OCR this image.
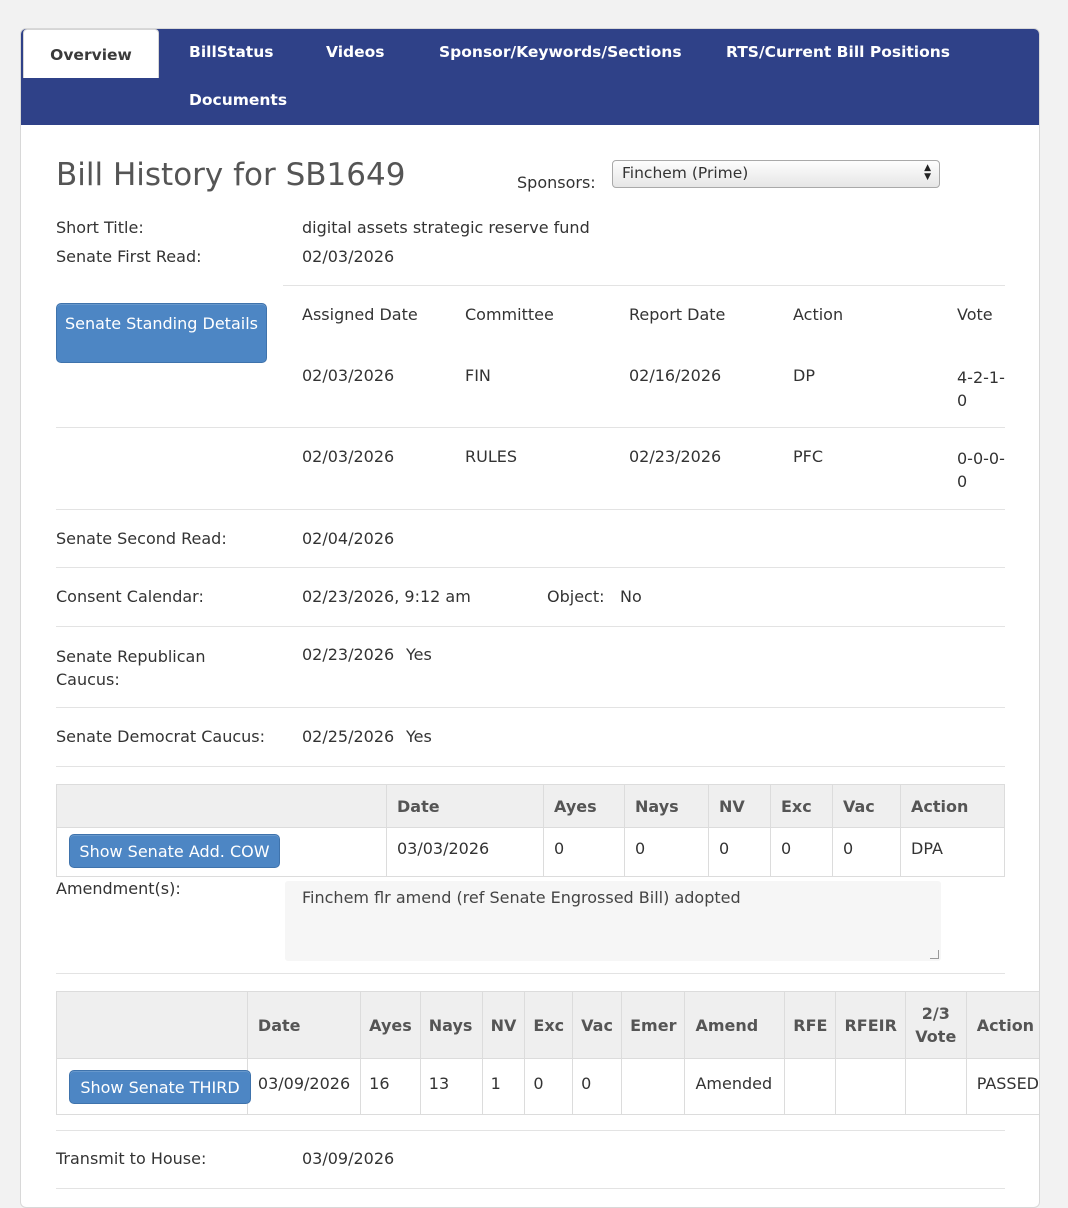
Overview	BillStatus	Videos	Sponsor/Keywords/Sections	RTS/Current Bill Positions
Documents
Bill History for SB1649	Sponsors:	Finchem (Prime)	▲
▼
Short Title:	digital assets strategic reserve fund
Senate First Read:	02/03/2026
Senate Standing Details	Assigned Date	Committee	Report Date	Action	Vote
02/03/2026	FIN	02/16/2026	DP	4-2-1-0
02/03/2026	RULES	02/23/2026	PFC	0-0-0-0
Senate Second Read:	02/04/2026
Consent Calendar:	02/23/2026, 9:12 am	Object: No
Senate Republican Caucus:
02/23/2026 Yes
Senate Democrat Caucus: 02/25/2026 Yes
	Date	Ayes	Nays	NV	Exc	Vac	Action
	03/03/2026	0	0	0	0	0	DPA
Show Senate Add. COW
Amendment(s):	Finchem flr amend (ref Senate Engrossed Bill) adopted
	Date	Ayes	Nays	NV	Exc	Vac	Emer	Amend	RFE	RFEIR	2/3 Vote	Action
	03/09/2026	16	13	1	0	0		Amended				PASSED
Show Senate THIRD
Transmit to House:	03/09/2026
